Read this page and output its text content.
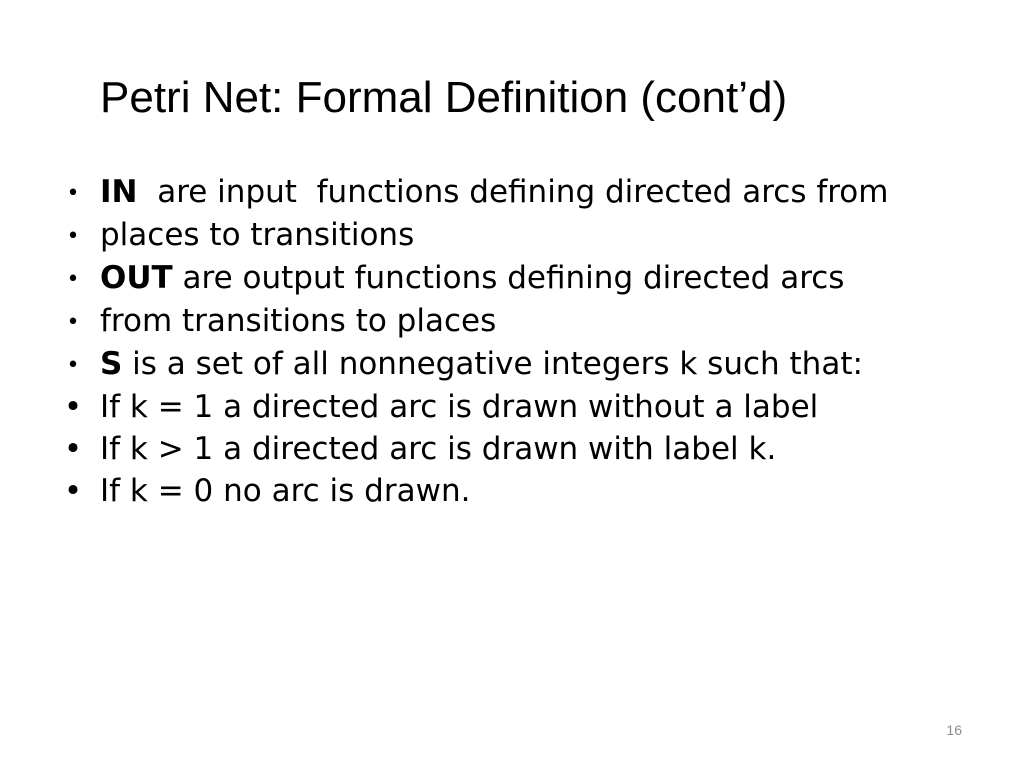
Petri Net: Formal Definition (cont’d)
• IN  are input  functions defining directed arcs from
• places to transitions
• OUT are output functions defining directed arcs
• from transitions to places
• S is a set of all nonnegative integers k such that:
• If k = 1 a directed arc is drawn without a label
• If k > 1 a directed arc is drawn with label k.
• If k = 0 no arc is drawn.
16
